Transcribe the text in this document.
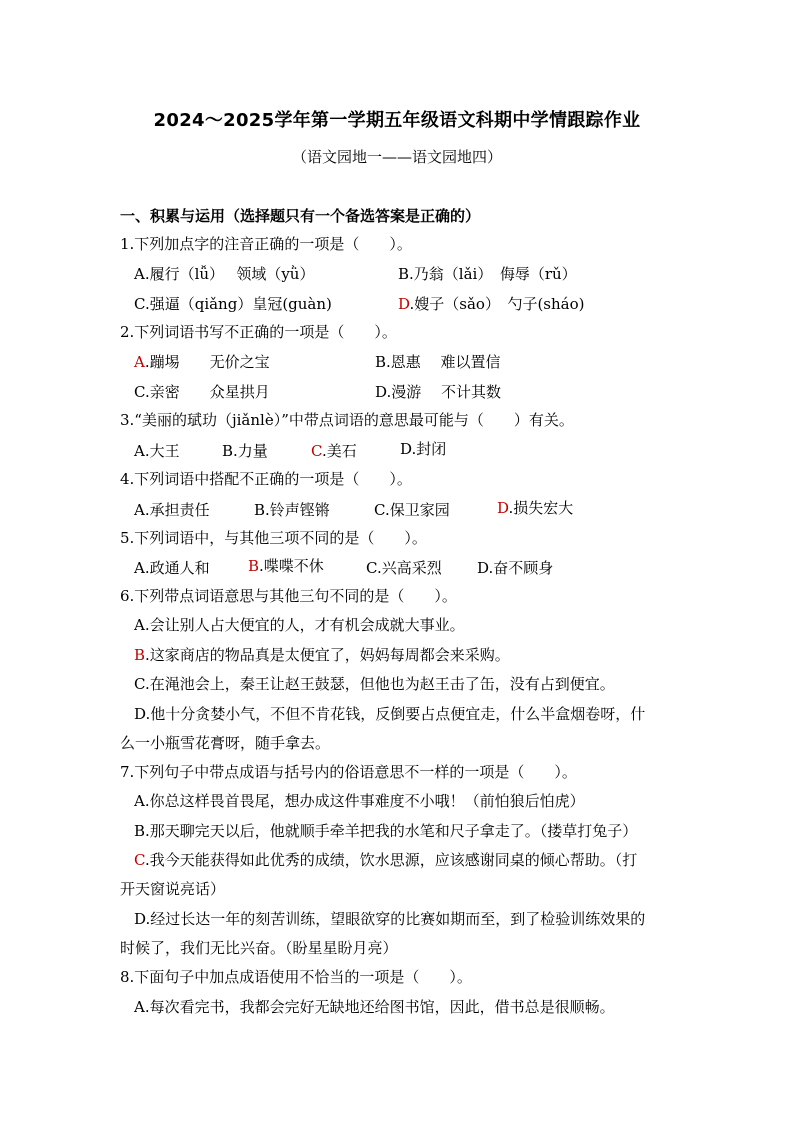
2024～2025学年第一学期五年级语文科期中学情跟踪作业
（语文园地一——语文园地四）
一、积累与运用（选择题只有一个备选答案是正确的）
1.下列加点字的注音正确的一项是（　　）。
A.履行（lǚ）　 领域（yǜ）	B.乃翁（lǎi）　侮辱（rǔ）
C.强逼（qiǎng）皇冠(guàn)	D.嫂子（sǎo）　勺子(sháo)
2.下列词语书写不正确的一项是（　　）。
A.蹦埸　　无价之宝	B.恩惠　 难以置信
C.亲密　　众星拱月	D.漫游　 不计其数
3.“美丽的珷玏（jiǎnlè）”中带点词语的意思最可能与（　　）有关。
A.大王	B.力量	C.美石	D.封闭
4.下列词语中搭配不正确的一项是（　　）。
A.承担责任	B.铃声铿锵	C.保卫家园	D.损失宏大
5.下列词语中，与其他三项不同的是（　　）。
A.政通人和	B.喋喋不休	C.兴高采烈 D.奋不顾身
6.下列带点词语意思与其他三句不同的是（　　）。
A.会让别人占大便宜的人，才有机会成就大事业。
B.这家商店的物品真是太便宜了，妈妈每周都会来采购。
C.在渑池会上，秦王让赵王鼓瑟，但他也为赵王击了缶，没有占到便宜。
D.他十分贪婪小气，不但不肯花钱，反倒要占点便宜走，什么半盒烟卷呀，什
么一小瓶雪花膏呀，随手拿去。
7.下列句子中带点成语与括号内的俗语意思不一样的一项是（　　）。
A.你总这样畏首畏尾，想办成这件事难度不小哦！（前怕狼后怕虎）
B.那天聊完天以后，他就顺手牵羊把我的水笔和尺子拿走了。（搂草打兔子）
C.我今天能获得如此优秀的成绩，饮水思源，应该感谢同桌的倾心帮助。（打
开天窗说亮话）
D.经过长达一年的刻苦训练，望眼欲穿的比赛如期而至，到了检验训练效果的
时候了，我们无比兴奋。（盼星星盼月亮）
8.下面句子中加点成语使用不恰当的一项是（　　）。
A.每次看完书，我都会完好无缺地还给图书馆，因此，借书总是很顺畅。
